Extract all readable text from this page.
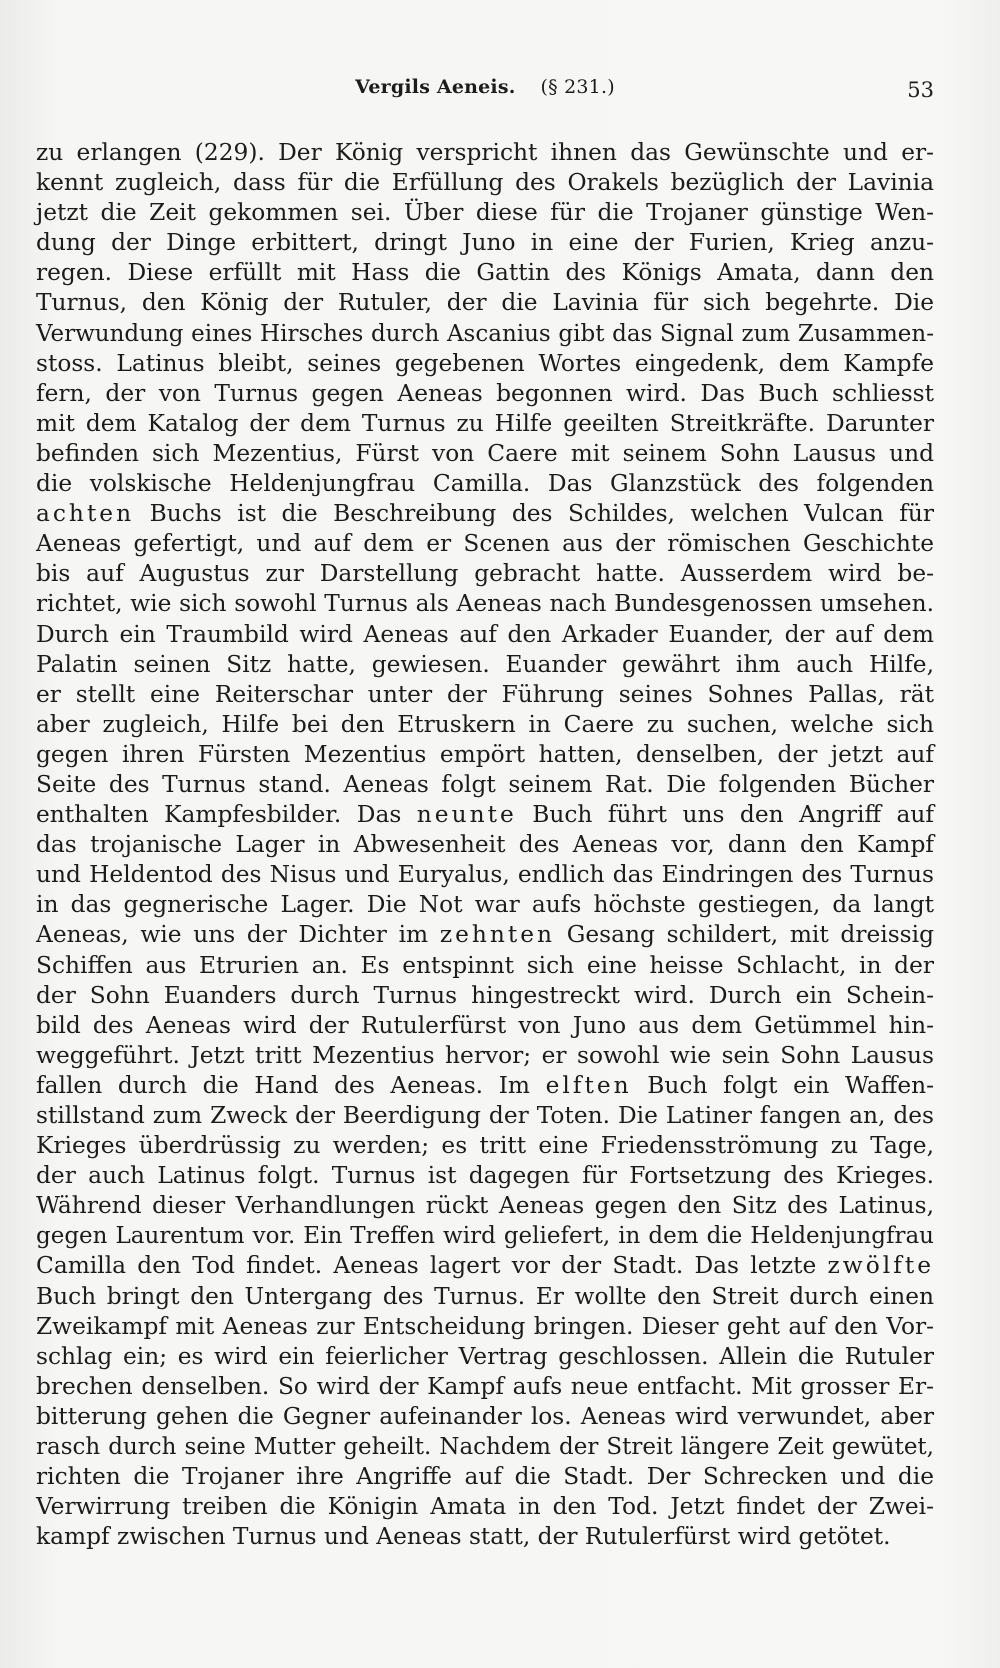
Vergils Aeneis. (§ 231.)	53
zu erlangen (229). Der König verspricht ihnen das Gewünschte und er-
kennt zugleich, dass für die Erfüllung des Orakels bezüglich der Lavinia
jetzt die Zeit gekommen sei. Über diese für die Trojaner günstige Wen-
dung der Dinge erbittert, dringt Juno in eine der Furien, Krieg anzu-
regen. Diese erfüllt mit Hass die Gattin des Königs Amata, dann den
Turnus, den König der Rutuler, der die Lavinia für sich begehrte. Die
Verwundung eines Hirsches durch Ascanius gibt das Signal zum Zusammen-
stoss. Latinus bleibt, seines gegebenen Wortes eingedenk, dem Kampfe
fern, der von Turnus gegen Aeneas begonnen wird. Das Buch schliesst
mit dem Katalog der dem Turnus zu Hilfe geeilten Streitkräfte. Darunter
befinden sich Mezentius, Fürst von Caere mit seinem Sohn Lausus und
die volskische Heldenjungfrau Camilla. Das Glanzstück des folgenden
achten Buchs ist die Beschreibung des Schildes, welchen Vulcan für
Aeneas gefertigt, und auf dem er Scenen aus der römischen Geschichte
bis auf Augustus zur Darstellung gebracht hatte. Ausserdem wird be-
richtet, wie sich sowohl Turnus als Aeneas nach Bundesgenossen umsehen.
Durch ein Traumbild wird Aeneas auf den Arkader Euander, der auf dem
Palatin seinen Sitz hatte, gewiesen. Euander gewährt ihm auch Hilfe,
er stellt eine Reiterschar unter der Führung seines Sohnes Pallas, rät
aber zugleich, Hilfe bei den Etruskern in Caere zu suchen, welche sich
gegen ihren Fürsten Mezentius empört hatten, denselben, der jetzt auf
Seite des Turnus stand. Aeneas folgt seinem Rat. Die folgenden Bücher
enthalten Kampfesbilder. Das neunte Buch führt uns den Angriff auf
das trojanische Lager in Abwesenheit des Aeneas vor, dann den Kampf
und Heldentod des Nisus und Euryalus, endlich das Eindringen des Turnus
in das gegnerische Lager. Die Not war aufs höchste gestiegen, da langt
Aeneas, wie uns der Dichter im zehnten Gesang schildert, mit dreissig
Schiffen aus Etrurien an. Es entspinnt sich eine heisse Schlacht, in der
der Sohn Euanders durch Turnus hingestreckt wird. Durch ein Schein-
bild des Aeneas wird der Rutulerfürst von Juno aus dem Getümmel hin-
weggeführt. Jetzt tritt Mezentius hervor; er sowohl wie sein Sohn Lausus
fallen durch die Hand des Aeneas. Im elften Buch folgt ein Waffen-
stillstand zum Zweck der Beerdigung der Toten. Die Latiner fangen an, des
Krieges überdrüssig zu werden; es tritt eine Friedensströmung zu Tage,
der auch Latinus folgt. Turnus ist dagegen für Fortsetzung des Krieges.
Während dieser Verhandlungen rückt Aeneas gegen den Sitz des Latinus,
gegen Laurentum vor. Ein Treffen wird geliefert, in dem die Heldenjungfrau
Camilla den Tod findet. Aeneas lagert vor der Stadt. Das letzte zwölfte
Buch bringt den Untergang des Turnus. Er wollte den Streit durch einen
Zweikampf mit Aeneas zur Entscheidung bringen. Dieser geht auf den Vor-
schlag ein; es wird ein feierlicher Vertrag geschlossen. Allein die Rutuler
brechen denselben. So wird der Kampf aufs neue entfacht. Mit grosser Er-
bitterung gehen die Gegner aufeinander los. Aeneas wird verwundet, aber
rasch durch seine Mutter geheilt. Nachdem der Streit längere Zeit gewütet,
richten die Trojaner ihre Angriffe auf die Stadt. Der Schrecken und die
Verwirrung treiben die Königin Amata in den Tod. Jetzt findet der Zwei-
kampf zwischen Turnus und Aeneas statt, der Rutulerfürst wird getötet.
